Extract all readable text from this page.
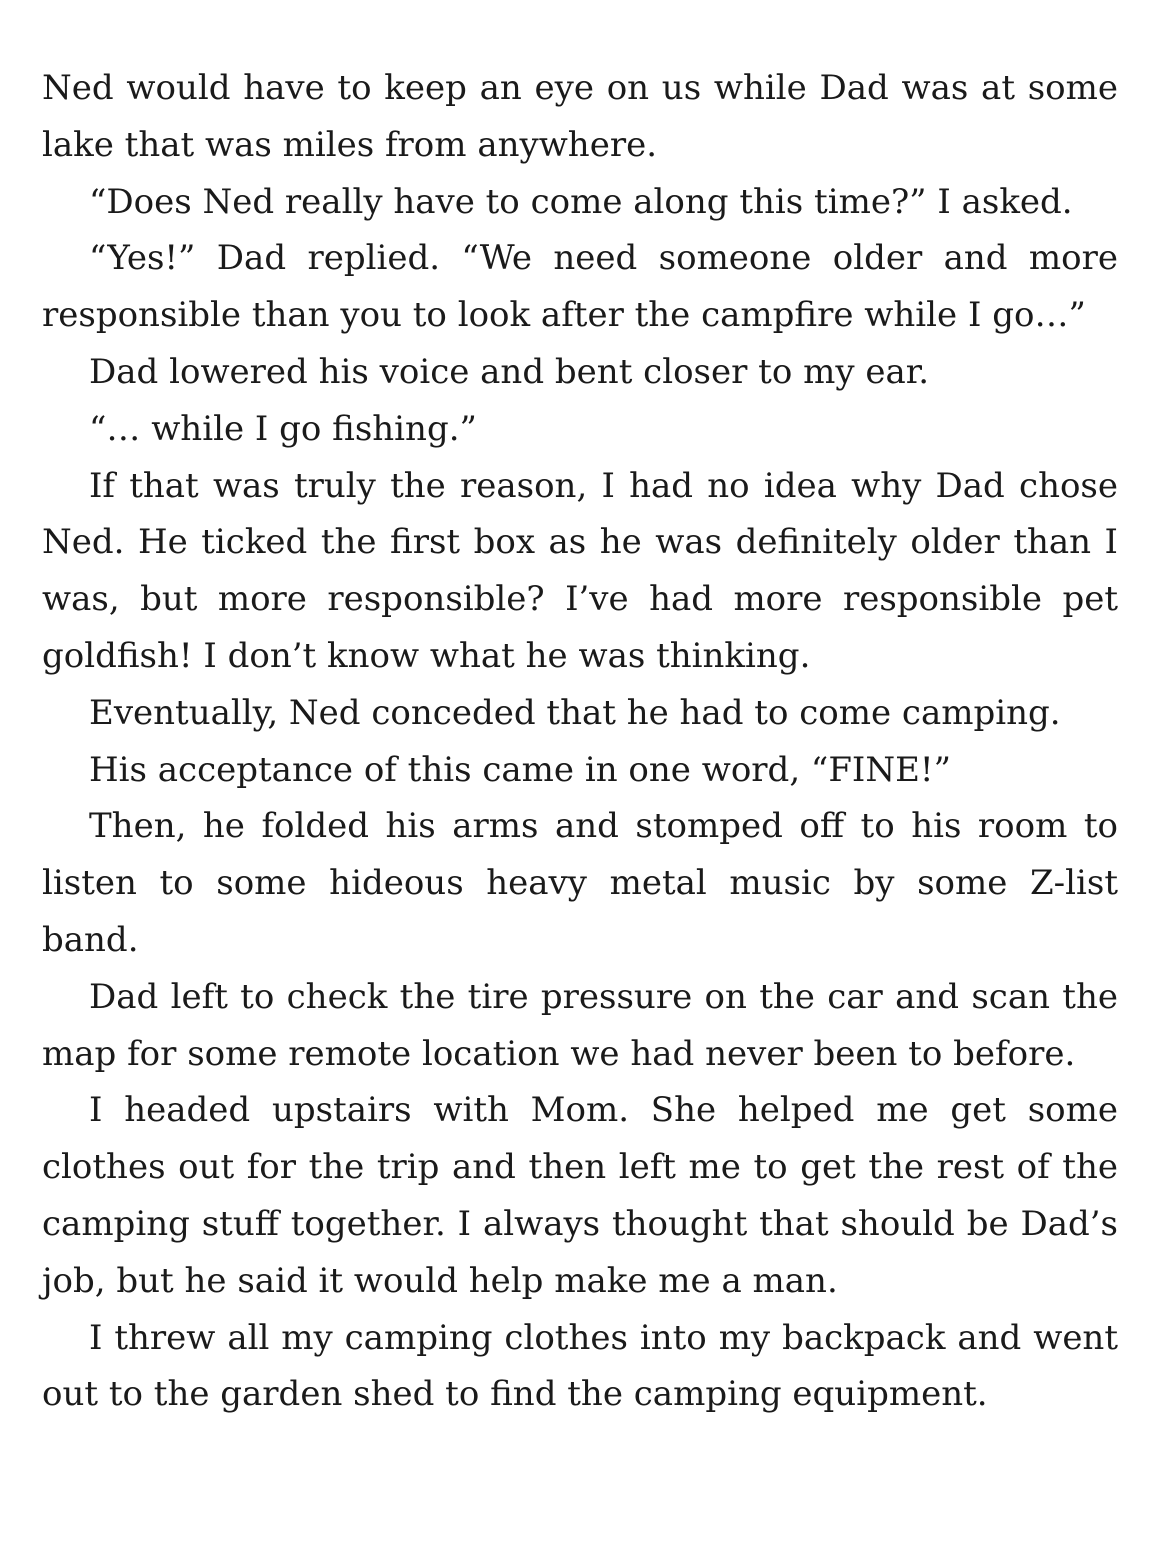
Ned would have to keep an eye on us while Dad was at some lake that was miles from anywhere.

“Does Ned really have to come along this time?” I asked.

“Yes!” Dad replied. “We need someone older and more responsible than you to look after the campfire while I go…”

Dad lowered his voice and bent closer to my ear.

“… while I go fishing.”

If that was truly the reason, I had no idea why Dad chose Ned. He ticked the first box as he was definitely older than I was, but more responsible? I’ve had more responsible pet goldfish! I don’t know what he was thinking.

Eventually, Ned conceded that he had to come camping.

His acceptance of this came in one word, “FINE!”

Then, he folded his arms and stomped off to his room to listen to some hideous heavy metal music by some Z-list band.

Dad left to check the tire pressure on the car and scan the map for some remote location we had never been to before.

I headed upstairs with Mom. She helped me get some clothes out for the trip and then left me to get the rest of the camping stuff together. I always thought that should be Dad’s job, but he said it would help make me a man.

I threw all my camping clothes into my backpack and went out to the garden shed to find the camping equipment.
